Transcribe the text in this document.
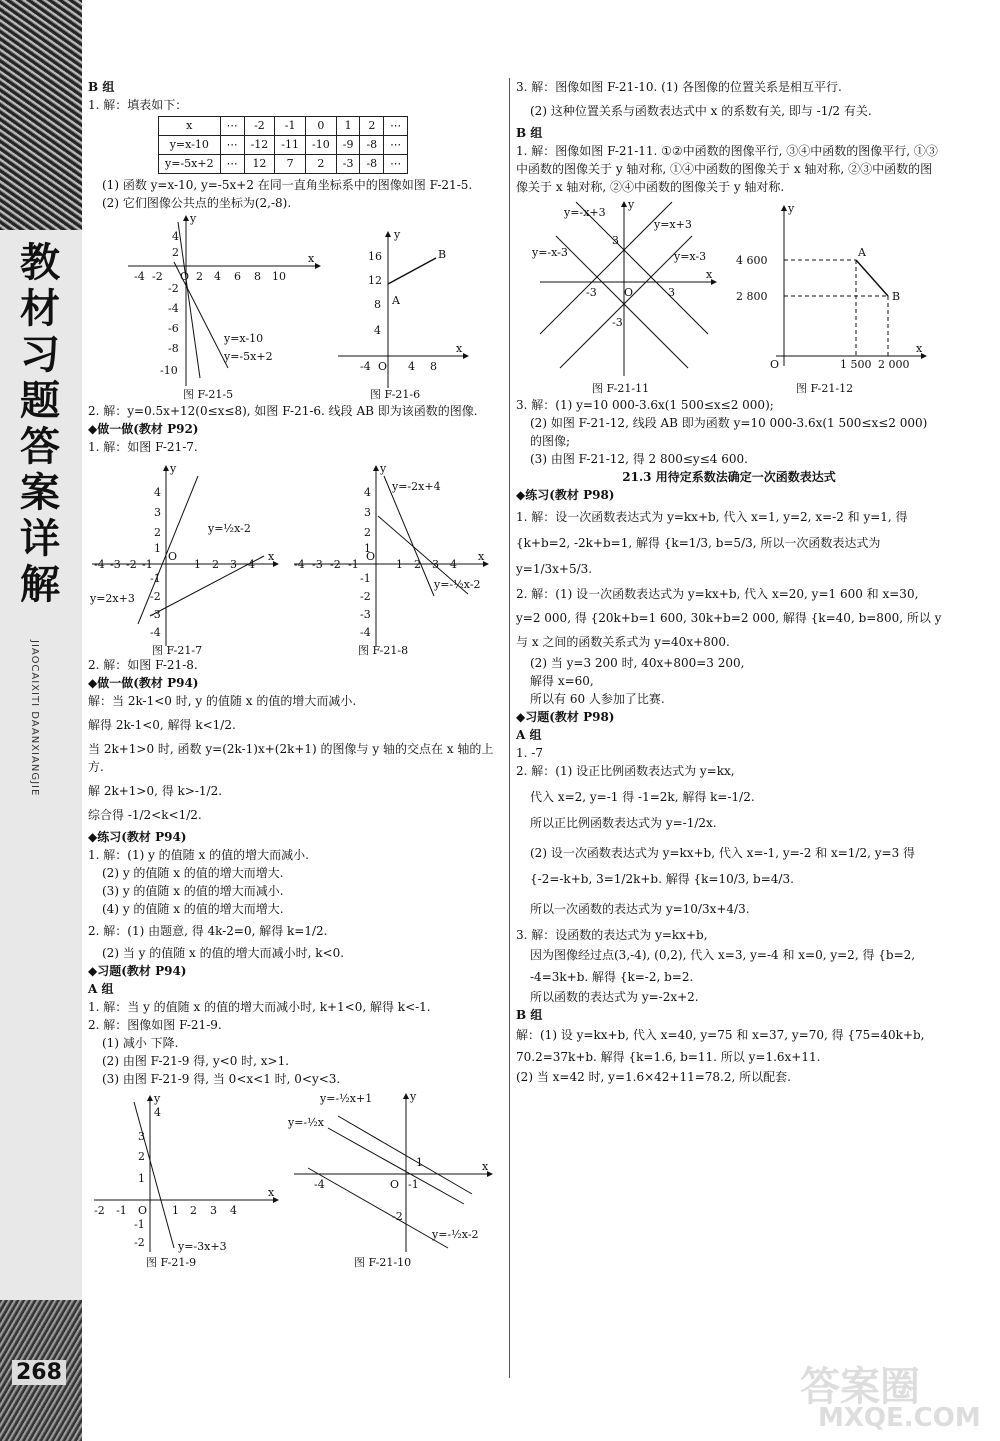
教材习题答案详解
JIAOCAIXITI DAANXIANGJIE
268

B 组

1. 解：填表如下：

x	⋯	-2	-1	0	1	2	⋯
y=x-10	⋯	-12	-11	-10	-9	-8	⋯
y=-5x+2	⋯	12	7	2	-3	-8	⋯

(1) 函数 y=x-10, y=-5x+2 在同一直角坐标系中的图像如图 F-21-5.

(2) 它们图像公共点的坐标为(2,-8).

x
y
-4 -2 O 2 4 6 8 10
4
2
-2
-4
-6
-8
-10
y=x-10
y=-5x+2
图 F-21-5
x
y
-4 O 4 8
16
12
8
4
B
A
图 F-21-6

2. 解：y=0.5x+12(0≤x≤8), 如图 F-21-6. 线段 AB 即为该函数的图像.

◆做一做(教材 P92)

1. 解：如图 F-21-7.

x
y
-4 -3 -2 -1
O
1 2 3 4
4
3
2
1
-1
-2
-3
-4
y=½x-2
y=2x+3
图 F-21-7
x
y
-4 -3 -2 -1
O
1 2 3 4
4
3
2
1
-1
-2
-3
-4
y=-2x+4
y=-½x-2
图 F-21-8

2. 解：如图 F-21-8.

◆做一做(教材 P94)

解：当 2k-1<0 时, y 的值随 x 的值的增大而减小.

解得 2k-1<0, 解得 k<1/2.

当 2k+1>0 时, 函数 y=(2k-1)x+(2k+1) 的图像与 y 轴的交点在 x 轴的上方.

解 2k+1>0, 得 k>-1/2.

综合得 -1/2<k<1/2.

◆练习(教材 P94)

1. 解：(1) y 的值随 x 的值的增大而减小.

(2) y 的值随 x 的值的增大而增大.

(3) y 的值随 x 的值的增大而减小.

(4) y 的值随 x 的值的增大而增大.

2. 解：(1) 由题意, 得 4k-2=0, 解得 k=1/2.

(2) 当 y 的值随 x 的值的增大而减小时, k<0.

◆习题(教材 P94)

A 组

1. 解：当 y 的值随 x 的值的增大而减小时, k+1<0, 解得 k<-1.

2. 解：图像如图 F-21-9.

(1) 减小 下降.

(2) 由图 F-21-9 得, y<0 时, x>1.

(3) 由图 F-21-9 得, 当 0<x<1 时, 0<y<3.

x
y
4
-2 -1 O 1 2 3 4
3
2
1
-1
-2	y=-3x+3
图 F-21-9
x
y
-4	O -1
1
-2
y=-½x+1
y=-½x
y=-½x-2
图 F-21-10

3. 解：图像如图 F-21-10. (1) 各图像的位置关系是相互平行.

(2) 这种位置关系与函数表达式中 x 的系数有关, 即与 -1/2 有关.

B 组

1. 解：图像如图 F-21-11. ①②中函数的图像平行, ③④中函数的图像平行, ①③中函数的图像关于 y 轴对称, ①④中函数的图像关于 x 轴对称, ②③中函数的图像关于 x 轴对称, ②④中函数的图像关于 y 轴对称.

x
y
-3 O	3
3
-3
y=-x+3
y=x+3
y=-x-3	y=x-3
图 F-21-11
x
y
4 600
2 800
A
B
O	1 500 2 000
图 F-21-12

3. 解：(1) y=10 000-3.6x(1 500≤x≤2 000);

(2) 如图 F-21-12, 线段 AB 即为函数 y=10 000-3.6x(1 500≤x≤2 000) 的图像;

(3) 由图 F-21-12, 得 2 800≤y≤4 600.

21.3 用待定系数法确定一次函数表达式

◆练习(教材 P98)

1. 解：设一次函数表达式为 y=kx+b, 代入 x=1, y=2, x=-2 和 y=1, 得 {k+b=2, -2k+b=1, 解得 {k=1/3, b=5/3, 所以一次函数表达式为 y=1/3x+5/3.

2. 解：(1) 设一次函数表达式为 y=kx+b, 代入 x=20, y=1 600 和 x=30, y=2 000, 得 {20k+b=1 600, 30k+b=2 000, 解得 {k=40, b=800, 所以 y 与 x 之间的函数关系式为 y=40x+800.

(2) 当 y=3 200 时, 40x+800=3 200,

解得 x=60,

所以有 60 人参加了比赛.

◆习题(教材 P98)

A 组

1. -7

2. 解：(1) 设正比例函数表达式为 y=kx,

代入 x=2, y=-1 得 -1=2k, 解得 k=-1/2.

所以正比例函数表达式为 y=-1/2x.

(2) 设一次函数表达式为 y=kx+b, 代入 x=-1, y=-2 和 x=1/2, y=3 得 {-2=-k+b, 3=1/2k+b. 解得 {k=10/3, b=4/3.

所以一次函数的表达式为 y=10/3x+4/3.

3. 解：设函数的表达式为 y=kx+b,

因为图像经过点(3,-4), (0,2), 代入 x=3, y=-4 和 x=0, y=2, 得 {b=2, -4=3k+b. 解得 {k=-2, b=2.

所以函数的表达式为 y=-2x+2.

B 组

解：(1) 设 y=kx+b, 代入 x=40, y=75 和 x=37, y=70, 得 {75=40k+b, 70.2=37k+b. 解得 {k=1.6, b=11. 所以 y=1.6x+11.

(2) 当 x=42 时, y=1.6×42+11=78.2, 所以配套.

答案圈
MXQE.COM
